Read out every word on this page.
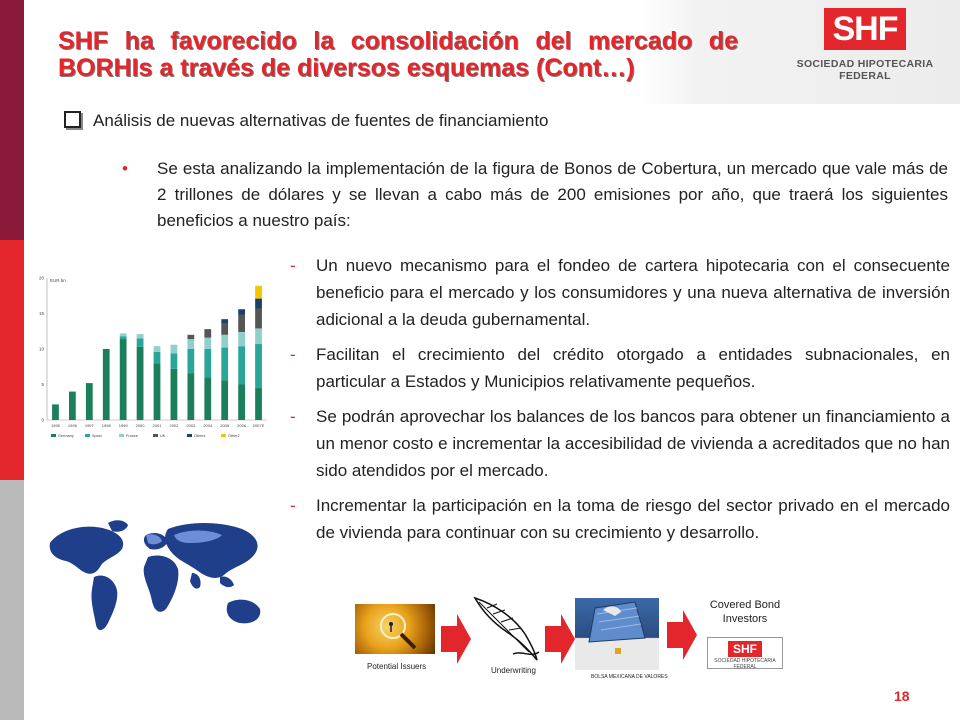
SHF ha favorecido la consolidación del mercado de BORHIs a través de diversos esquemas (Cont…)
SHF
SOCIEDAD HIPOTECARIA FEDERAL
Análisis de nuevas alternativas de fuentes de financiamiento
• Se esta analizando la implementación de la figura de Bonos de Cobertura, un mercado que vale más de 2 trillones de dólares y se llevan a cabo más de 200 emisiones por año, que traerá los siguientes beneficios a nuestro país:
- Un nuevo mecanismo para el fondeo de cartera hipotecaria con el consecuente beneficio para el mercado y los consumidores y una nueva alternativa de inversión adicional a la deuda gubernamental.
- Facilitan el crecimiento del crédito otorgado a entidades subnacionales, en particular a Estados y Municipios relativamente pequeños.
- Se podrán aprovechar los balances de los bancos para obtener un financiamiento a un menor costo e incrementar la accesibilidad de vivienda a acreditados que no han sido atendidos por el mercado.
- Incrementar la participación en la toma de riesgo del sector privado en el mercado de vivienda para continuar con su crecimiento y desarrollo.
EUR bn
0
5
10
15
20
1995 1996 1997 1998 1999 2000 2001 2002 2003 2004 2005 2006 2007E
Germany	Spain	France	UK	Others	Other2
Potential Issuers	Underwriting
BOLSA MEXICANA DE VALORES
Covered Bond Investors
SHF
SOCIEDAD HIPOTECARIA FEDERAL
18
